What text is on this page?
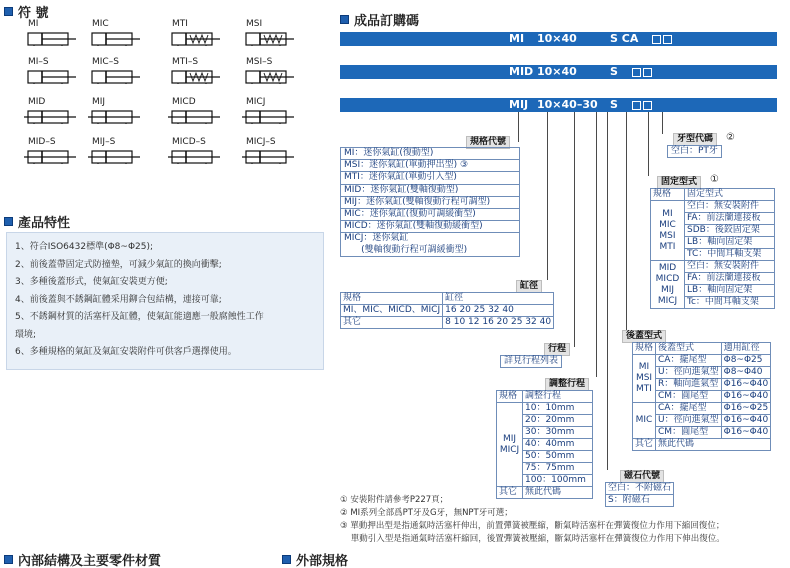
符 號
MI	MIC	MTI	MSI
MI–S	MIC–S	MTI–S	MSI–S
MID	MIJ	MICD	MICJ
MID–S	MIJ–S	MICD–S	MICJ–S
產品特性
1、符合ISO6432標準(Φ8~Φ25);
2、前後蓋帶固定式防撞墊，可減少氣缸的換向衝擊;
3、多種後蓋形式，使氣缸安裝更方便;
4、前後蓋與不銹鋼缸體采用鉚合包結構，連接可靠;
5、不銹鋼材質的活塞杆及缸體，使氣缸能適應一般腐蝕性工作
環境;
6、多種規格的氣缸及氣缸安裝附件可供客戶選擇使用。
成品訂購碼
MI 10×40	S CA
MID 10×40	S
MIJ 10×40–30 S
規格代號
MI：迷你氣缸(復動型)
MSI：迷你氣缸(單動押出型) ③
MTI：迷你氣缸(單動引入型)
MID：迷你氣缸(雙軸復動型)
MIJ：迷你氣缸(雙軸復動行程可調型)
MIC：迷你氣缸(復動可調緩衝型)
MICD：迷你氣缸(雙軸復動緩衝型)
MICJ：迷你氣缸
(雙軸復動行程可調緩衝型)
缸徑
規格	缸徑
MI、MIC、MICD、MICJ	16 20 25 32 40
其它	8 10 12 16 20 25 32 40
行程
詳見行程列表
調整行程
規格	調整行程
MIJ MICJ	10：10mm
	20：20mm
	30：30mm
	40：40mm
	50：50mm
	75：75mm
	100：100mm
其它	無此代碼
牙型代碼	②
空白：PT牙
固定型式	①
規格	固定型式
MI MIC MSI MTI	空白：無安裝附件
	FA：前法蘭連接板
	SDB：後鉸固定架
	LB：軸向固定架
	TC：中間耳軸支架
MID MICD MIJ MICJ	空白：無安裝附件
	FA：前法蘭連接板
	LB：軸向固定架
	Tc：中間耳軸支架
後蓋型式
規格	後蓋型式	適用缸徑
MI MSI MTI	CA：擺尾型	Φ8~Φ25
	U：徑向進氣型	Φ8~Φ40
	R：軸向進氣型	Φ16~Φ40
	CM：圓尾型	Φ16~Φ40
MIC	CA：擺尾型	Φ16~Φ25
	U：徑向進氣型	Φ16~Φ40
	CM：圓尾型	Φ16~Φ40
其它	無此代碼	
磁石代號
空白：不附磁石
S：附磁石
① 安裝附件請參考P227頁；
② MI系列全部爲PT牙及G牙，無NPT牙可選；
③ 單動押出型是指通氣時活塞杆伸出，前置彈簧被壓縮，斷氣時活塞杆在彈簧復位力作用下縮回復位；
單動引入型是指通氣時活塞杆縮回，後置彈簧被壓縮，斷氣時活塞杆在彈簧復位力作用下伸出復位。
內部結構及主要零件材質	外部規格
